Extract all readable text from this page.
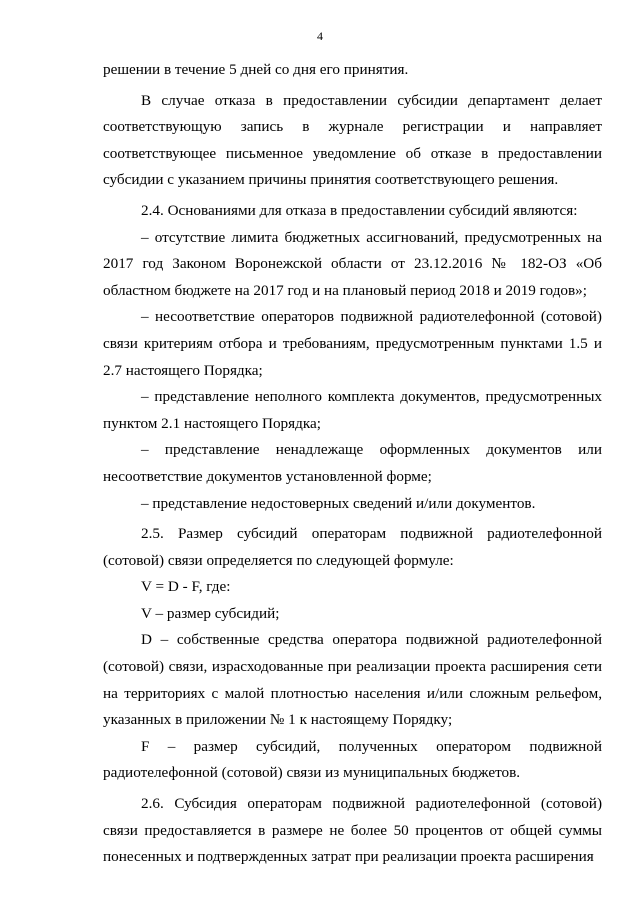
4

решении в течение 5 дней со дня его принятия.

В случае отказа в предоставлении субсидии департамент делает соответствующую запись в журнале регистрации и направляет соответствующее письменное уведомление об отказе в предоставлении субсидии с указанием причины принятия соответствующего решения.

2.4. Основаниями для отказа в предоставлении субсидий являются:

– отсутствие лимита бюджетных ассигнований, предусмотренных на 2017 год Законом Воронежской области от 23.12.2016 № 182-ОЗ «Об областном бюджете на 2017 год и на плановый период 2018 и 2019 годов»;

– несоответствие операторов подвижной радиотелефонной (сотовой) связи критериям отбора и требованиям, предусмотренным пунктами 1.5 и 2.7 настоящего Порядка;

– представление неполного комплекта документов, предусмотренных пунктом 2.1 настоящего Порядка;

– представление ненадлежаще оформленных документов или несоответствие документов установленной форме;

– представление недостоверных сведений и/или документов.

2.5. Размер субсидий операторам подвижной радиотелефонной (сотовой) связи определяется по следующей формуле:

V = D - F, где:

V – размер субсидий;

D – собственные средства оператора подвижной радиотелефонной (сотовой) связи, израсходованные при реализации проекта расширения сети на территориях с малой плотностью населения и/или сложным рельефом, указанных в приложении № 1 к настоящему Порядку;

F – размер субсидий, полученных оператором подвижной радиотелефонной (сотовой) связи из муниципальных бюджетов.

2.6. Субсидия операторам подвижной радиотелефонной (сотовой) связи предоставляется в размере не более 50 процентов от общей суммы понесенных и подтвержденных затрат при реализации проекта расширения
